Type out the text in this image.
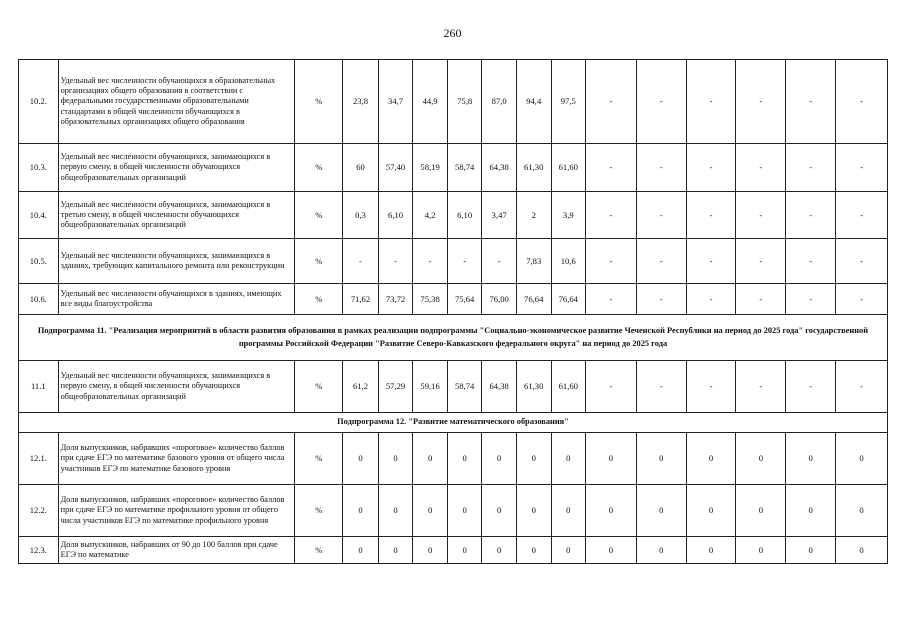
260
10.2.	Удельный вес численности обучающихся в образовательных организациях общего образования в соответствии с федеральными государственными образовательными стандартами в общей численности обучающихся в образовательных организациях общего образования	%	23,8	34,7	44,9	75,8	87,0	94,4	97,5	-	-	-	-	-	-
10.3.	Удельный вес численности обучающихся, занимающихся в первую смену, в общей численности обучающихся общеобразовательных организаций	%	60	57,40	58,19	58,74	64,38	61,30	61,60	-	-	-	-	-	-
10.4.	Удельный вес численности обучающихся, занимающихся в третью смену, в общей численности обучающихся общеобразовательных организаций	%	0,3	6,10	4,2	6,10	3,47	2	3,9	-	-	-	-	-	-
10.5.	Удельный вес численности обучающихся, занимающихся в зданиях, требующих капитального ремонта или реконструкции	%	-	-	-	-	-	7,83	10,6	-	-	-	-	-	-
10.6.	Удельный вес численности обучающихся в зданиях, имеющих все виды благоустройства	%	71,62	73,72	75,38	75,64	76,00	76,64	76,64	-	-	-	-	-	-
Подпрограмма 11. "Реализация мероприятий в области развития образования в рамках реализации подпрограммы "Социально-экономическое развитие Чеченской Республики на период до 2025 года" государственной программы Российской Федерации "Развитие Северо-Кавказского федерального округа" на период до 2025 года															
11.1	Удельный вес численности обучающихся, занимающихся в первую смену, в общей численности обучающихся общеобразовательных организаций	%	61,2	57,29	59,16	58,74	64,38	61,30	61,60	-	-	-	-	-	-
Подпрограмма 12. "Развитие математического образования"															
12.1.	Доля выпускников, набравших «пороговое» количество баллов при сдаче ЕГЭ по математике базового уровня от общего числа участников ЕГЭ по математике базового уровня	%	0	0	0	0	0	0	0	0	0	0	0	0	0
12.2.	Доля выпускников, набравших «пороговое» количество баллов при сдаче ЕГЭ по математике профильного уровня от общего числа участников ЕГЭ по математике профильного уровня	%	0	0	0	0	0	0	0	0	0	0	0	0	0
12.3.	Доля выпускников, набравших от 90 до 100 баллов при сдаче ЕГЭ по математике	%	0	0	0	0	0	0	0	0	0	0	0	0	0
